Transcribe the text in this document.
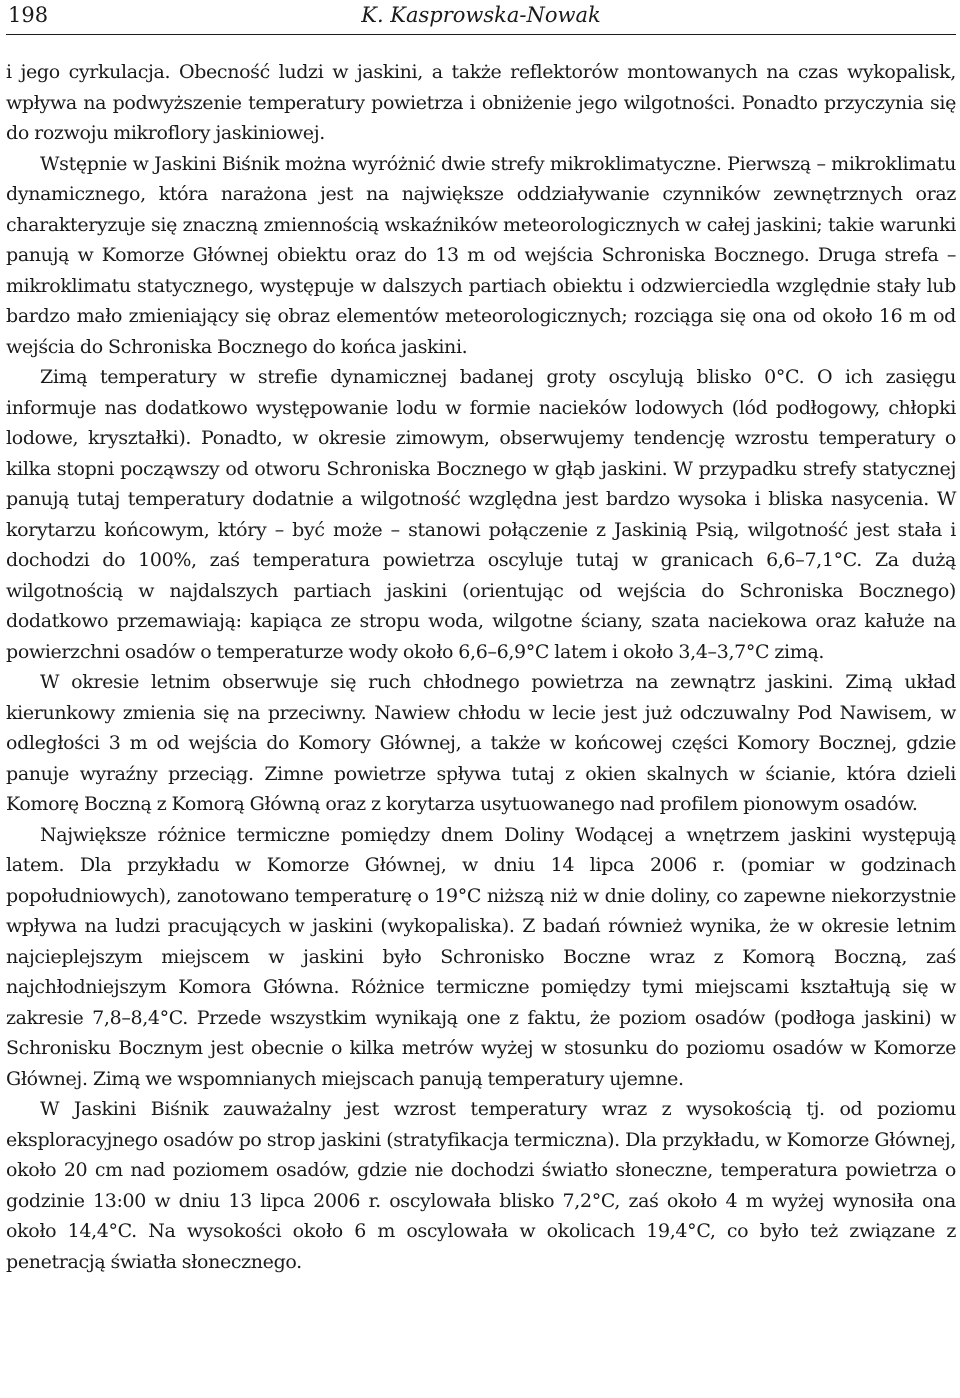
198	K. Kasprowska-Nowak

i jego cyrkulacja. Obecność ludzi w jaskini, a także reflektorów montowanych na czas wykopalisk, wpływa na podwyższenie temperatury powietrza i obniżenie jego wilgotności. Ponadto przyczynia się do rozwoju mikroflory jaskiniowej.

Wstępnie w Jaskini Biśnik można wyróżnić dwie strefy mikroklimatyczne. Pierwszą – mikroklimatu dynamicznego, która narażona jest na największe oddziaływanie czynników zewnętrznych oraz charakteryzuje się znaczną zmiennością wskaźników meteorologicznych w całej jaskini; takie warunki panują w Komorze Głównej obiektu oraz do 13 m od wejścia Schroniska Bocznego. Druga strefa – mikroklimatu statycznego, występuje w dalszych partiach obiektu i odzwierciedla względnie stały lub bardzo mało zmieniający się obraz elementów meteorologicznych; rozciąga się ona od około 16 m od wejścia do Schroniska Bocznego do końca jaskini.

Zimą temperatury w strefie dynamicznej badanej groty oscylują blisko 0°C. O ich zasięgu informuje nas dodatkowo występowanie lodu w formie nacieków lodowych (lód podłogowy, chłopki lodowe, kryształki). Ponadto, w okresie zimowym, obserwujemy tendencję wzrostu temperatury o kilka stopni począwszy od otworu Schroniska Bocznego w głąb jaskini. W przypadku strefy statycznej panują tutaj temperatury dodatnie a wilgotność względna jest bardzo wysoka i bliska nasycenia. W korytarzu końcowym, który – być może – stanowi połączenie z Jaskinią Psią, wilgotność jest stała i dochodzi do 100%, zaś temperatura powietrza oscyluje tutaj w granicach 6,6–7,1°C. Za dużą wilgotnością w najdalszych partiach jaskini (orientując od wejścia do Schroniska Bocznego) dodatkowo przemawiają: kapiąca ze stropu woda, wilgotne ściany, szata naciekowa oraz kałuże na powierzchni osadów o temperaturze wody około 6,6–6,9°C latem i około 3,4–3,7°C zimą.

W okresie letnim obserwuje się ruch chłodnego powietrza na zewnątrz jaskini. Zimą układ kierunkowy zmienia się na przeciwny. Nawiew chłodu w lecie jest już odczuwalny Pod Nawisem, w odległości 3 m od wejścia do Komory Głównej, a także w końcowej części Komory Bocznej, gdzie panuje wyraźny przeciąg. Zimne powietrze spływa tutaj z okien skalnych w ścianie, która dzieli Komorę Boczną z Komorą Główną oraz z korytarza usytuowanego nad profilem pionowym osadów.

Największe różnice termiczne pomiędzy dnem Doliny Wodącej a wnętrzem jaskini występują latem. Dla przykładu w Komorze Głównej, w dniu 14 lipca 2006 r. (pomiar w godzinach popołudniowych), zanotowano temperaturę o 19°C niższą niż w dnie doliny, co zapewne niekorzystnie wpływa na ludzi pracujących w jaskini (wykopaliska). Z badań również wynika, że w okresie letnim najcieplejszym miejscem w jaskini było Schronisko Boczne wraz z Komorą Boczną, zaś najchłodniejszym Komora Główna. Różnice termiczne pomiędzy tymi miejscami kształtują się w zakresie 7,8–8,4°C. Przede wszystkim wynikają one z faktu, że poziom osadów (podłoga jaskini) w Schronisku Bocznym jest obecnie o kilka metrów wyżej w stosunku do poziomu osadów w Komorze Głównej. Zimą we wspomnianych miejscach panują temperatury ujemne.

W Jaskini Biśnik zauważalny jest wzrost temperatury wraz z wysokością tj. od poziomu eksploracyjnego osadów po strop jaskini (stratyfikacja termiczna). Dla przykładu, w Komorze Głównej, około 20 cm nad poziomem osadów, gdzie nie dochodzi światło słoneczne, temperatura powietrza o godzinie 13:00 w dniu 13 lipca 2006 r. oscylowała blisko 7,2°C, zaś około 4 m wyżej wynosiła ona około 14,4°C. Na wysokości około 6 m oscylowała w okolicach 19,4°C, co było też związane z penetracją światła słonecznego.
